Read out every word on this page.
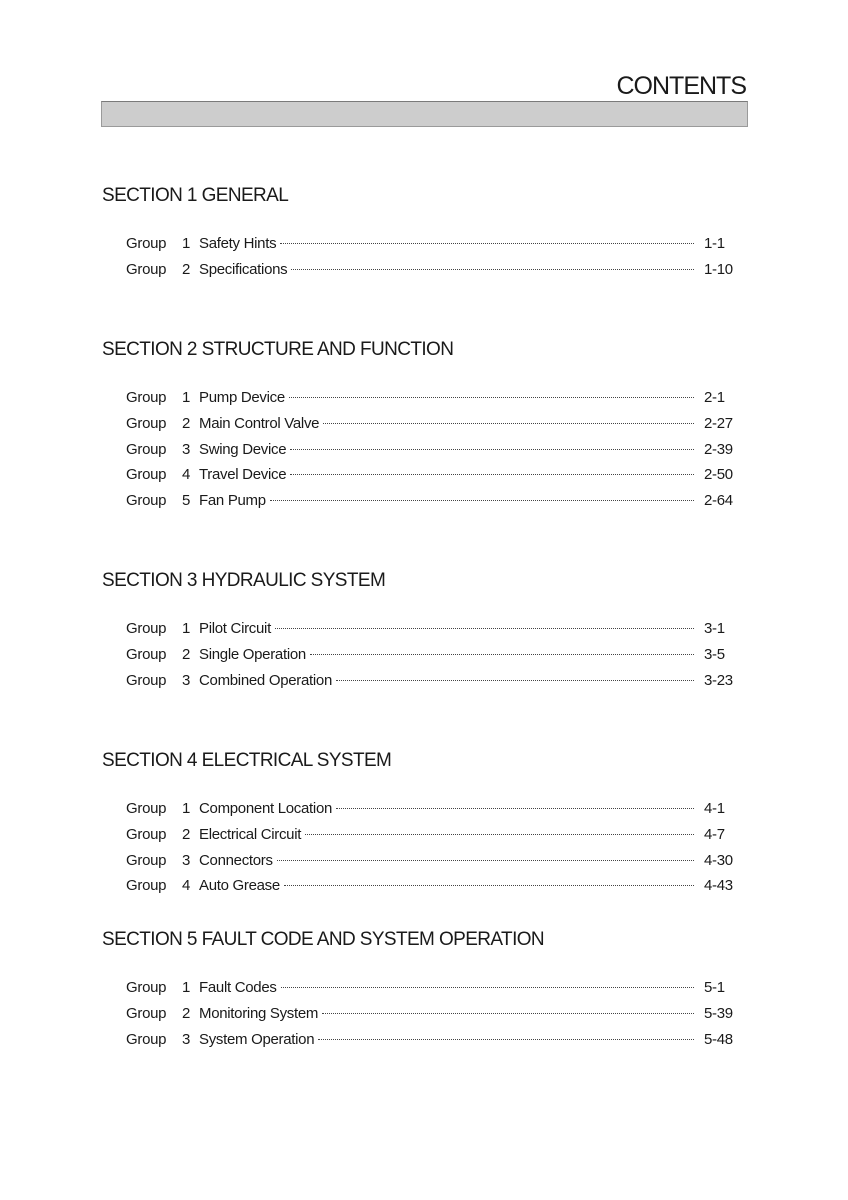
CONTENTS
SECTION 1 GENERAL
Group	1 Safety Hints	1-1
Group	2 Specifications	1-10
SECTION 2 STRUCTURE AND FUNCTION
Group	1 Pump Device	2-1
Group	2 Main Control Valve	2-27
Group	3 Swing Device	2-39
Group	4 Travel Device	2-50
Group	5 Fan Pump	2-64
SECTION 3 HYDRAULIC SYSTEM
Group	1 Pilot Circuit	3-1
Group	2 Single Operation	3-5
Group	3 Combined Operation	3-23
SECTION 4 ELECTRICAL SYSTEM
Group	1 Component Location	4-1
Group	2 Electrical Circuit	4-7
Group	3 Connectors	4-30
Group	4 Auto Grease	4-43
SECTION 5 FAULT CODE AND SYSTEM OPERATION
Group	1 Fault Codes	5-1
Group	2 Monitoring System	5-39
Group	3 System Operation	5-48
